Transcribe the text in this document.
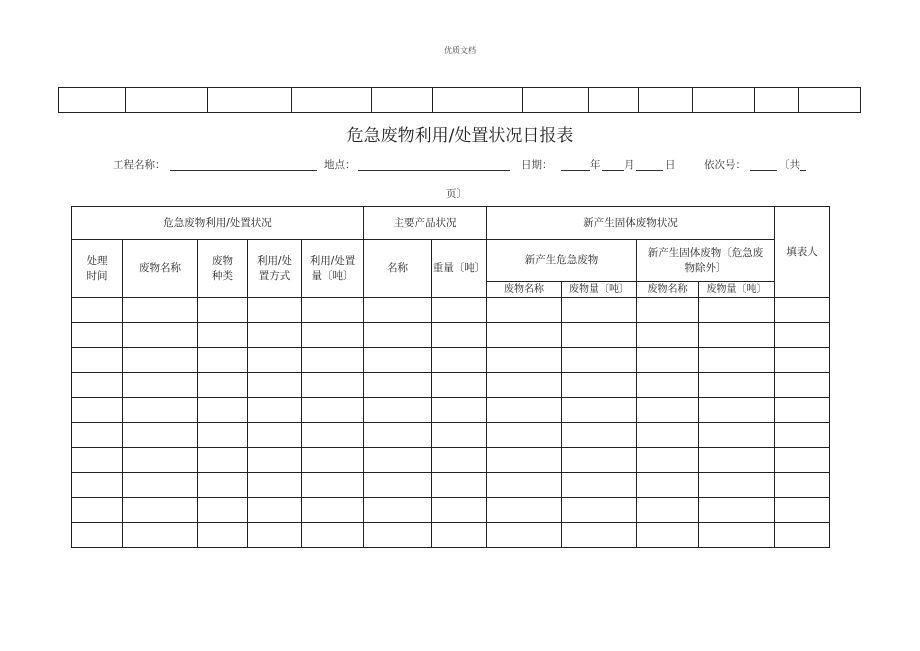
优质文档

危急废物利用/处置状况日报表
工程名称：	地点：	日期：	年 月	日	依次号：	〔共
页〕
危急废物利用/处置状况					主要产品状况		新产生固体废物状况				填表人

处理时间	废物名称	废物种类	利用/处置方式	利用/处置量〔吨〕	名称	重量〔吨〕	新产生危急废物		新产生固体废物〔危急废物除外〕		

							废物名称	废物量〔吨〕	废物名称	废物量〔吨〕	
